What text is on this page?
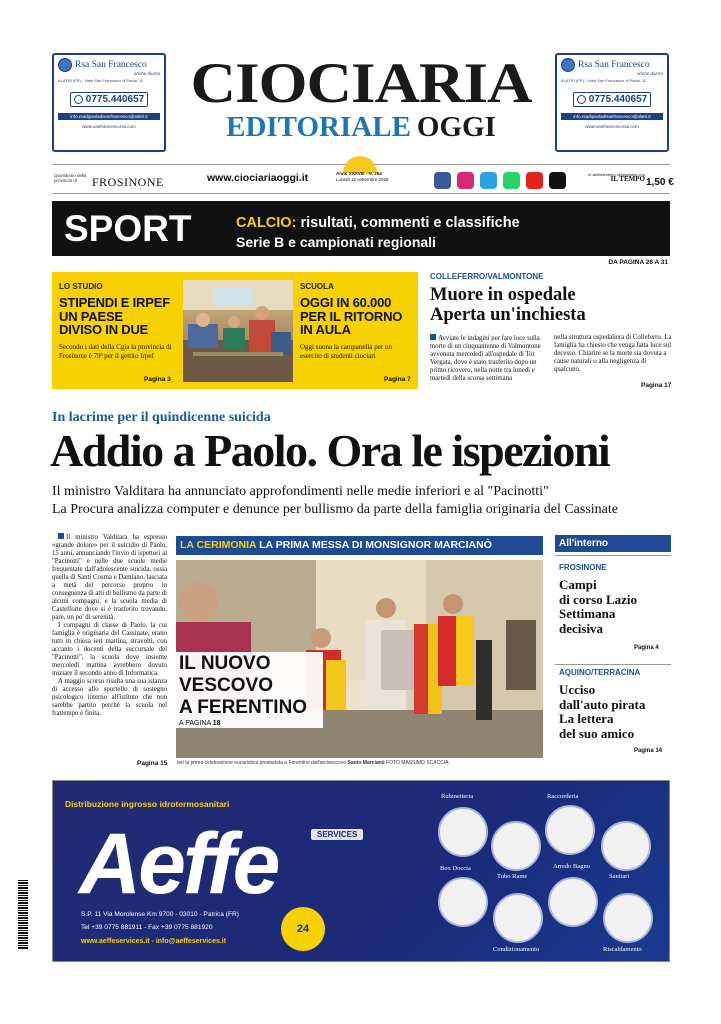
Rsa San Francesco
anche diurno
ALATRI (FR) - Viale San Francesco di Paola, 11
0775.440657
info.rsadipaoladisanfrancesco@alatri.it
www.sanfrancescorsa.com
Rsa San Francesco
anche diurno
ALATRI (FR) - Viale San Francesco di Paola, 11
0775.440657
info.rsadipaoladisanfrancesco@alatri.it
www.sanfrancescorsa.com
CIOCIARIA
EDITORIALE OGGI
Quotidiano della provincia di	FROSINONE	www.ciociariaoggi.it	Anno XXXVIII - N. 254
Lunedì 15 settembre 2025
In abbinamento obbligatorio con
IL TEMPO 1,50 €
SPORT	CALCIO: risultati, commenti e classifiche
Serie B e campionati regionali
DA PAGINA 26 A 31
LO STUDIO
STIPENDI E IRPEF
UN PAESE
DIVISO IN DUE
Secondo i dati della Cgia la provincia di Frosinone è 79ª per il gettito Irpef
Pagina 3
SCUOLA
OGGI IN 60.000
PER IL RITORNO
IN AULA
Oggi suona la campanella per un esercito di studenti ciociari
Pagina 7
COLLEFERRO/VALMONTONE
Muore in ospedale
Aperta un'inchiesta
Avviate le indagini per fare luce sulla morte di un cinquantenne di Valmontone avvenuta mercoledì all'ospedale di Tor Vergata, dove è stato trasferito dopo un primo ricovero, nella notte tra lunedì e martedì della scorsa settimana
nella struttura ospedaliera di Colleferro. La famiglia ha chiesto che venga fatta luce sul decesso. Chiarire se la morte sia dovuta a cause naturali o alla negligenza di qualcuno.
Pagina 17
In lacrime per il quindicenne suicida
Addio a Paolo. Ora le ispezioni
Il ministro Valditara ha annunciato approfondimenti nelle medie inferiori e al "Pacinotti"
La Procura analizza computer e denunce per bullismo da parte della famiglia originaria del Cassinate

Il ministro Valditara ha espresso «grande dolore» per il suicidio di Paolo, 15 anni, annunciando l'invio di ispettori al "Pacinotti" e nelle due scuole medie frequentate dall'adolescente suicida, ossia quella di Santi Cosma e Damiano, lasciata a metà del percorso proprio in conseguenza di atti di bullismo da parte di alcuni compagni, e la scuola media di Castelforte dove si è trasferito trovando, pare, un po' di serenità.

I compagni di classe di Paolo, la cui famiglia è originaria del Cassinate, erano tutti in chiesa ieri mattina, stravolti, con accanto i docenti della succursale del "Pacinotti", la scuola dove insieme mercoledì mattina avrebbero dovuto iniziare il secondo anno di Informatica.

A maggio scorso risulta una sua istanza di accesso allo sportello di sostegno psicologico interno all'istituto che non sarebbe partito perché la scuola nel frattempo è finita.

Pagina 15
LA CERIMONIA LA PRIMA MESSA DI MONSIGNOR MARCIANÒ
IL NUOVO
VESCOVO
A FERENTINO
A PAGINA 18
Ieri la prima celebrazione eucaristica presieduta a Ferentino dall'arcivescovo Santo Marcianò FOTO MASSIMO SCACCIA
All'interno
FROSINONE
Campi
di corso Lazio
Settimana
decisiva
Pagina 4
AQUINO/TERRACINA
Ucciso
dall'auto pirata
La lettera
del suo amico
Pagina 14
Distribuzione ingrosso idrotermosanitari
Aeffe	SERVICES
S.P. 11 Via Morolense Km 9700 - 03010 - Patrica (FR)
Tel +39 0775 881911 - Fax +39 0775 881920
www.aeffeservices.it - info@aeffeservices.it
24
Rubinetteria	Raccorderia
Box Doccia
Tubo Rame
Arredo Bagno
Sanitari
Condizionamento	Riscaldamento
